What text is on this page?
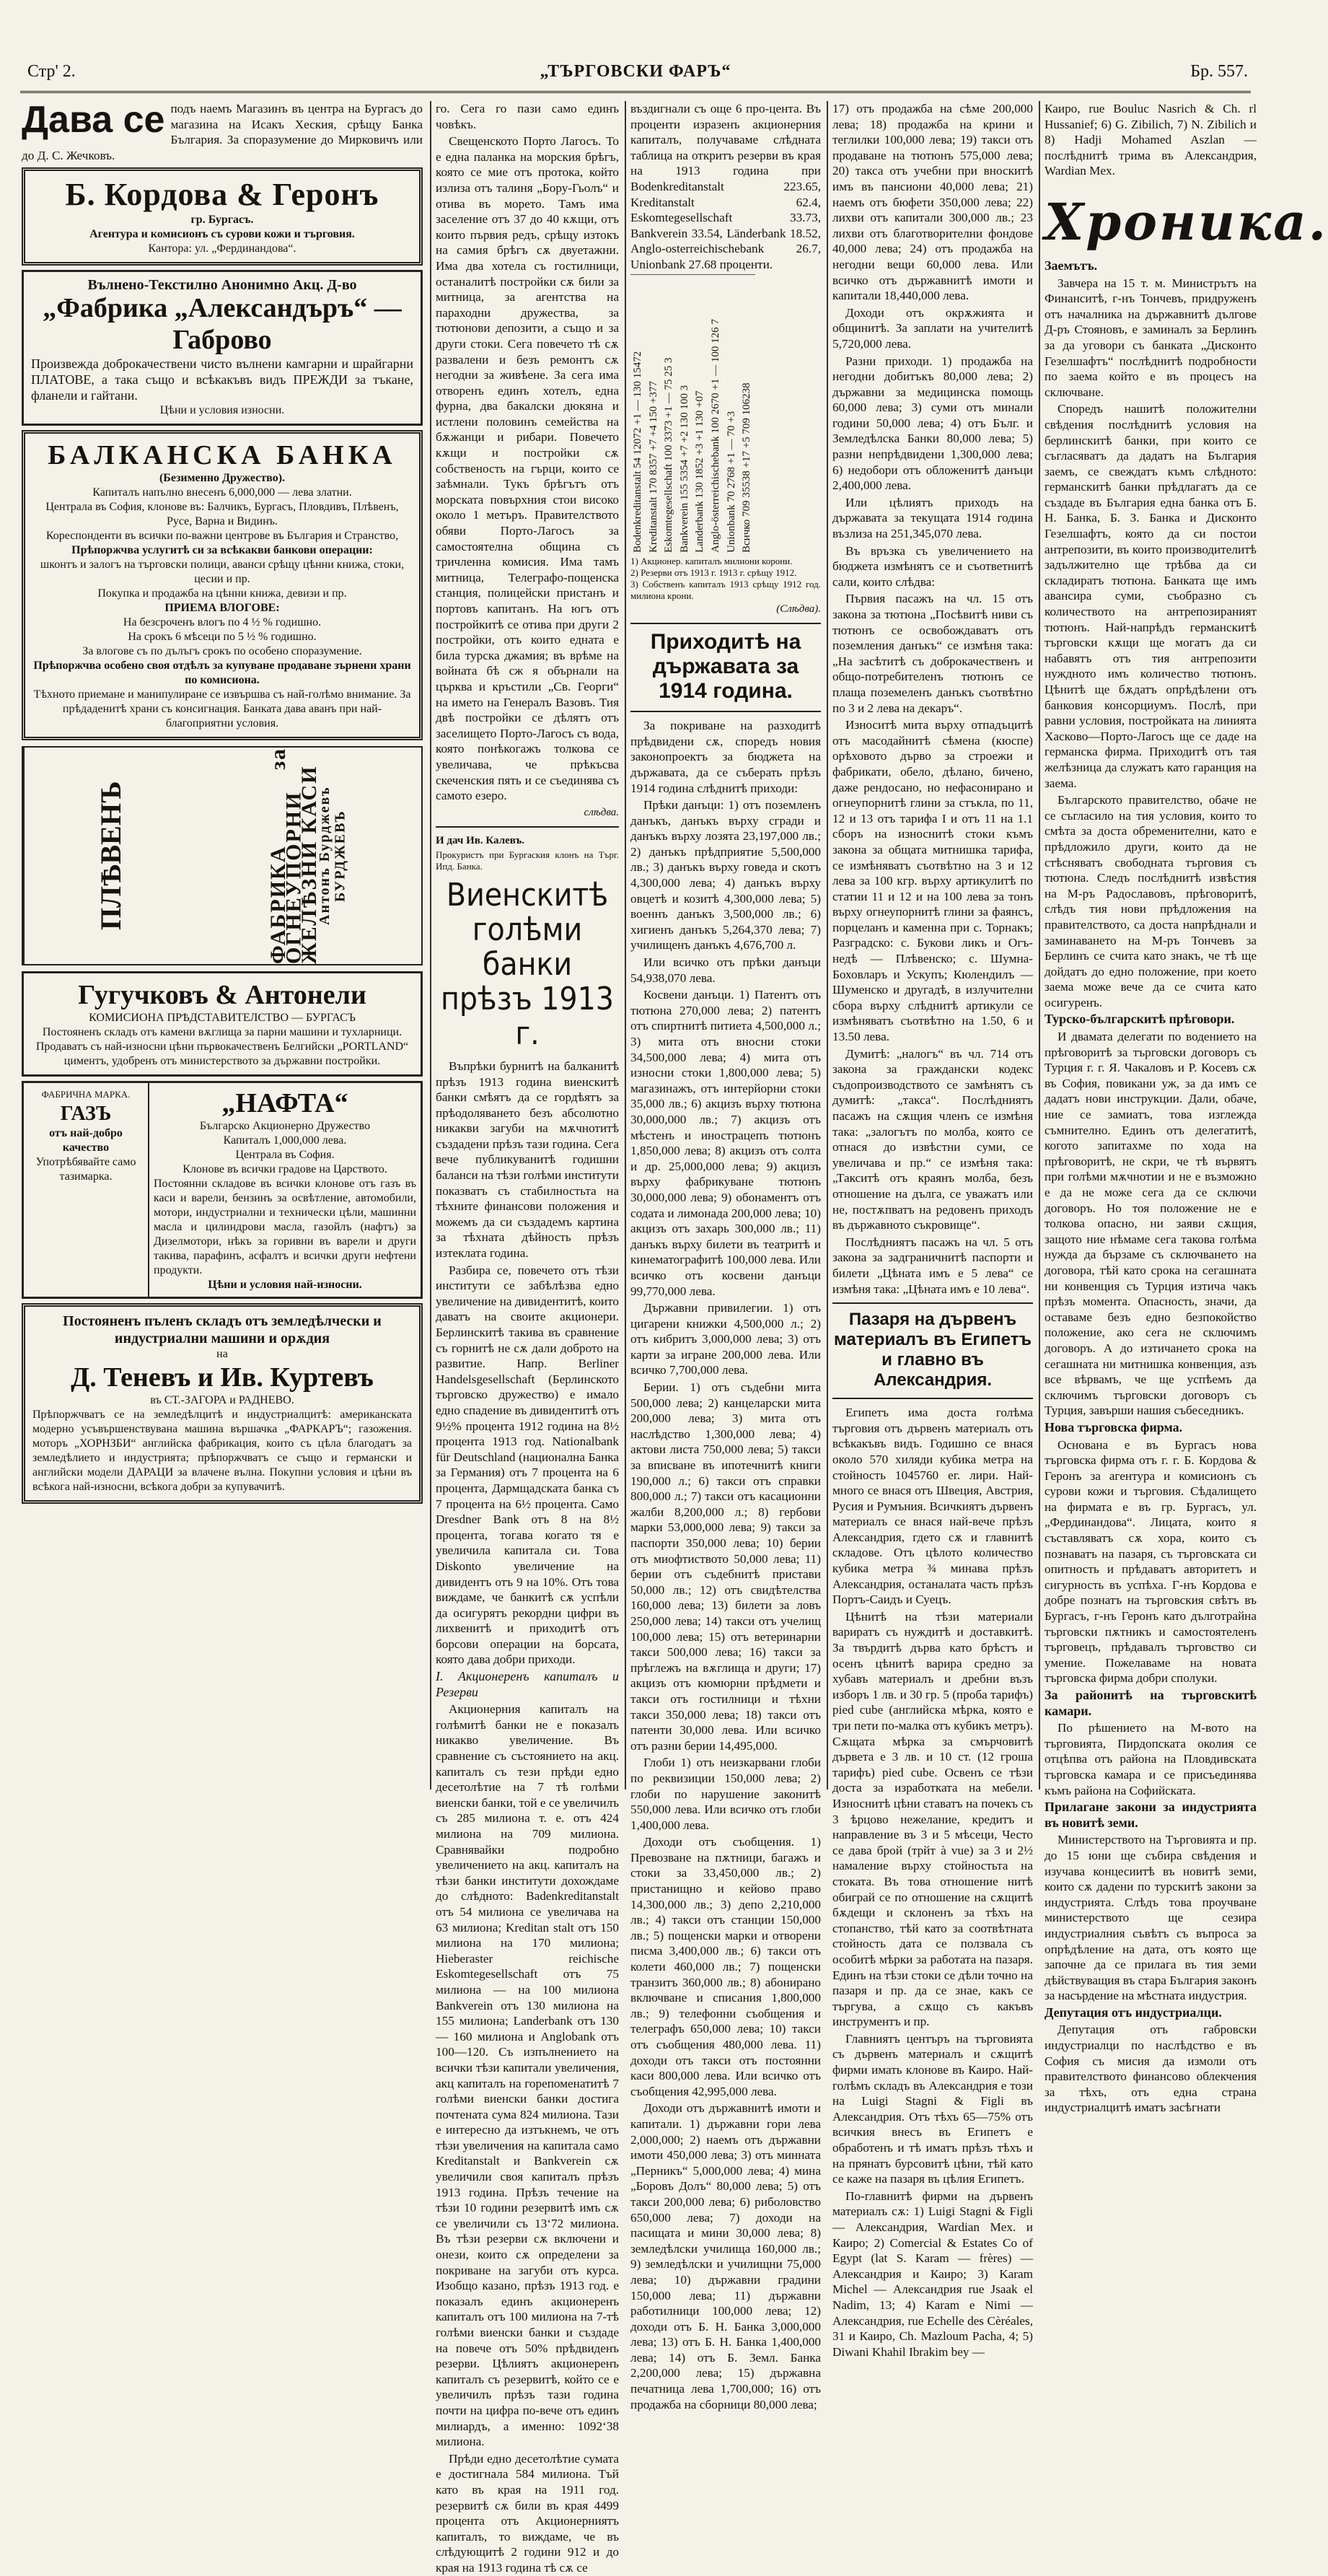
Стр' 2.	„ТЪРГОВСКИ ФАРЪ“	Бр. 557.
Дава се подъ наемъ Магазинъ въ центра на Бургасъ до магазина на Исакъ Хеския, срѣщу Банка България. За споразумение до Мирковичъ или до Д. С. Жечковъ.
Б. Кордова & Геронъ
гр. Бургасъ.
Агентура и комисионъ съ сурови кожи и търговия.
Кантора: ул. „Фердинандова“.
Вълнено-Текстилно Анонимно Акц. Д-во
„Фабрика „Александъръ“ — Габрово
Произвежда доброкачествени чисто вълнени камгарни и шрайгарни ПЛАТОВЕ, а така също и всѣкакъвъ видъ ПРЕЖДИ за тъкане, фланели и гайтани.
Цѣни и условия износни.
БАЛКАНСКА БАНКА
(Безименно Дружество).
Капиталъ напълно внесенъ 6,000,000 — лева златни.
Централа въ София, клонове въ: Балчикъ, Бургасъ, Пловдивъ, Плѣвенъ, Русе, Варна и Видинъ.
Кореспонденти въ всички по-важни центрове въ България и Странство,
Прѣпоржчва услугитѣ си за всѣкакви банкови операции:
шконтъ и залогъ на търговски полици, аванси срѣщу цѣнни книжа, стоки, цесии и пр.
Покупка и продажба на цѣнни книжа, девизи и пр.
ПРИЕМА ВЛОГОВЕ:
На безсроченъ влогъ по 4 ½ % годишно.
На срокъ 6 мѣсеци по 5 ½ % годишно.
За влогове съ по дълъгъ срокъ по особено споразумение.
Прѣпоржчва особено своя отдѣлъ за купуване продаване зърнени храни по комисиона.
Тѣхното приемане и манипулиране се извършва съ най-голѣмо внимание. За прѣдаденитѣ храни съ консигнация. Банката дава аванъ при най-благоприятни условия.
ПЛѢВЕНЪ	ФАБРИКА за ОГНЕУПОРНИ ЖЕЛѢЗНИ КАСИ
Антонъ Бурджевъ БУРДЖЕВЪ
Гугучковъ & Антонели
КОМИСИОНА ПРѢДСТАВИТЕЛСТВО — БУРГАСЪ
Постояненъ складъ отъ камени вѫглища за парни машини и тухларници.
Продаватъ съ най-износни цѣни първокачественъ Белгийски „PORTLAND“ циментъ, удобренъ отъ министерството за държавни постройки.
ФАБРИЧНА МАРКА.
ГАЗЪ
отъ най-добро качество
Употрѣбявайте само тазимарка.
„НАФТА“
Българско Акционерно Дружество
Капиталъ 1,000,000 лева.
Централа въ София.
Клонове въ всички градове на Царството.
Постоянни складове въ всички клонове отъ газъ въ каси и варели, бензинъ за освѣтление, автомобили, мотори, индустриални и технически цѣли, машинни масла и цилиндрови масла, газойлъ (нафтъ) за Дизелмотори, нѣкъ за горивни въ варели и други такива, парафинъ, асфалтъ и всички други нефтени продукти.
Цѣни и условия най-износни.
Постояненъ пъленъ складъ отъ земледѣлчески и индустриални машини и орѫдия
на
Д. Теневъ и Ив. Куртевъ
въ СТ.-ЗАГОРА и РАДНЕВО.
Прѣпоржчватъ се на земледѣлцитѣ и индустриалцитѣ: американската модерно усъвършенствувана машина вършачка „ФАРКАРЪ“; газожения. моторъ „ХОРНЗБИ“ английска фабрикация, които съ цѣла благодатъ за земледѣлието и индустрията; прѣпоржчватъ се също и германски и английски модели ДАРАЦИ за влачене вълна. Покупни условия и цѣни въ всѣкога най-износни, всѣкога добри за купувачитѣ.

го. Сега го пази само единъ човѣкъ.

Свещенското Порто Лагосъ. То е една паланка на морския брѣгъ, която се мие отъ протока, който излиза отъ талиня „Бору-Гьолъ“ и отива въ морето. Тамъ има заселение отъ 37 до 40 кѫщи, отъ които първия редъ, срѣщу изтокъ на самия брѣгъ сѫ двуетажни. Има два хотела съ гостилници, останалитѣ постройки сѫ били за митница, за агентства на параходни дружества, за тютюнови депозити, а също и за други стоки. Сега повечето тѣ сѫ развалени и безъ ремонтъ сѫ негодни за живѣене. За сега има отворенъ единъ хотелъ, една фурна, два бакалски дюкяна и истлени половинъ семейства на бѫжанци и рибари. Повечето кѫщи и постройки сѫ собственость на гърци, които се заѣмнали. Тукъ брѣгътъ отъ морската повърхния стои високо около 1 метъръ. Правителството обяви Порто-Лагосъ за самостоятелна община съ тричленна комисия. Има тамъ митница, Телеграфо-пощенска станция, полицейски пристанъ и портовъ капитанъ. На югъ отъ постройкитѣ се отива при други 2 постройки, отъ които едната е била турска джамия; въ врѣме на войната бѣ сж я обърнали на църква и кръстили „Св. Георги“ на името на Генералъ Вазовъ. Тия двѣ постройки се дѣлятъ отъ заселището Порто-Лагосъ съ вода, която понѣкогажъ толкова се увеличава, че прѣкъсва скеченския пять и се съединява съ самото езеро.

слѣдва.
И дач Ив. Калевъ.
Прокуристъ при Бургаския клонъ на Търг. Ипд. Банка.
Виенскитѣ голѣми банки прѣзъ 1913 г.

Въпрѣки бурнитѣ на балканитѣ прѣзъ 1913 година виенскитѣ банки смѣятъ да се гордѣятъ за прѣодоляването безъ абсолютно никакви загуби на мѫчнотитѣ създадени прѣзъ тази година. Сега вече публикуванитѣ годишни баланси на тѣзи голѣми институти показватъ съ стабилностьта на тѣхните финансови положения и можемъ да си създадемъ картина за тѣхната дѣйность прѣзъ изтеклата година.

Разбира се, повечето отъ тѣзи институти се забѣлѣзва едно увеличение на дивидентитѣ, които даватъ на своите акционери. Берлинскитѣ такива въ сравнение съ горнитѣ не сѫ дали доброто на развитие. Напр. Berliner Handelsgesellschaft (Берлинското търговско дружество) е имало едно спадение въ дивидентитѣ отъ 9½% процента 1912 година на 8½ процента 1913 год. Nationalbank für Deutschland (национална Банка за Германия) отъ 7 процента на 6 процента, Дармщадската банка съ 7 процента на 6½ процента. Само Dresdner Bank отъ 8 на 8½ процента, тогава когато тя е увеличила капитала си. Tова Diskonto увеличение на дивидентъ отъ 9 на 10%. Отъ това виждаме, че банкитѣ сѫ успѣли да осигурятъ рекордни цифри въ лихвенитѣ и приходитѣ отъ борсови операции на борсата, която дава добри приходи.

I. Акционеренъ капиталъ и Резерви

Акционерния капиталъ на голѣмитѣ банки не е показалъ никакво увеличение. Въ сравнение съ състоянието на акц. капиталъ съ тези прѣди едно десетолѣтие на 7 тѣ голѣми виенски банки, той е се увеличилъ съ 285 милиона т. е. отъ 424 милиона на 709 милиона. Сравнявайки подробно увеличението на акц. капиталъ на тѣзи банки институти дохождаме до слѣдното: Badenkreditanstalt отъ 54 милиона се увеличава на 63 милиона; Kreditan stalt отъ 150 милиона на 170 милиона; Hieberaster reichische Eskomtegesellschaft отъ 75 милиона — на 100 милиона Bankverein отъ 130 милиона на 155 милиона; Landerbank отъ 130 — 160 милиона и Anglobank отъ 100—120. Съ изпълнението на всички тѣзи капитали увеличения, акц капиталъ на горепоменатитѣ 7 голѣми виенски банки достига почтената сума 824 милиона. Тази е интересно да изтъкнемъ, че отъ тѣзи увеличения на капитала само Kreditanstalt и Bankverein сѫ увеличили своя капиталъ прѣзъ 1913 година. Прѣзъ течение на тѣзи 10 години резервитѣ имъ сѫ се увеличили съ 13‘72 милиона. Въ тѣзи резерви сѫ включени и онези, които сѫ определени за покриване на загуби отъ курса. Изобщо казано, прѣзъ 1913 год. е показалъ единъ акционеренъ капиталъ отъ 100 милиона на 7-тѣ голѣми виенски банки и създаде на повече отъ 50% прѣдвиденъ резерви. Цѣлиятъ акционеренъ капиталъ съ резервитѣ, който се е увеличилъ прѣзъ тази година почти на цифра по-вече отъ единъ милиардъ, а именно: 1092‘38 милиона.

Прѣди едно десетолѣтие сумата е достигнала 584 милиона. Тъй като въ края на 1911 год. резервитѣ сѫ били въ края 4499 процента отъ Акционерниятъ капиталъ, то виждаме, че въ слѣдующитѣ 2 години 912 и до края на 1913 година тѣ сѫ се

въздигнали съ още 6 про-цента. Въ проценти изразенъ акционерния капиталъ, получаваме слѣдната таблица на откритъ резерви въ края на 1913 година при Bodenkreditanstalt 223.65, Kreditanstalt 62.4, Eskomtegesellschaft 33.73, Bankverein 33.54, Länderbank 18.52, Anglo-osterreichischebank 26.7, Unionbank 27.68 проценти.

Bodenkreditanstalt 54 12072 +1 — 130 15472
Kreditanstalt 170 8357 +7 +4 150 +377
Eskomtegesellschaft 100 3373 +1 — 75 25 3
Bankverein 155 5354 +7 +2 130 100 3
Landerbank 130 1852 +3 +1 130 +07
Anglo-österreichischebank 100 2670 +1 — 100 126 7
Unionbank 70 2768 +1 — 70 +3
Всичко 709 35538 +17 +5 709 106238
1) Акционер. капиталъ милиони корони.
2) Резерви отъ 1913 г. 1913 г. срѣщу 1912.
3) Собственъ капиталъ 1913 срѣщу 1912 год. милиона крони.
(Слѣдва).
Приходитѣ на държавата за 1914 година.

За покриване на разходитѣ прѣдвидени сѫ, споредъ новия законопроектъ за бюджета на държавата, да се съберать прѣзъ 1914 година слѣднитѣ приходи:

Прѣки данъци: 1) отъ поземленъ данъкъ, данъкъ върху сгради и данъкъ върху лозята 23,197,000 лв.; 2) данъкъ прѣдприятие 5,500,000 лв.; 3) данъкъ върху говеда и скотъ 4,300,000 лева; 4) данъкъ върху овцетѣ и козитѣ 4,300,000 лева; 5) военнъ данъкъ 3,500,000 лв.; 6) хигиенъ данъкъ 5,264,370 лева; 7) училищенъ данъкъ 4,676,700 л.

Или всичко отъ прѣки данъци 54,938,070 лева.

Косвени данъци. 1) Патентъ отъ тютюна 270,000 лева; 2) патентъ отъ спиртнитѣ питиета 4,500,000 л.; 3) мита отъ вносни стоки 34,500,000 лева; 4) мита отъ износни стоки 1,800,000 лева; 5) магазинажъ, отъ интерйорни стоки 35,000 лв.; 6) акцизъ върху тютюна 30,000,000 лв.; 7) акцизъ отъ мѣстенъ и инострацепъ тютюнъ 1,850,000 лева; 8) акцизъ отъ солта и др. 25,000,000 лева; 9) акцизъ върху фабрикуване тютюнъ 30,000,000 лева; 9) обонаментъ отъ содата и лимонада 200,000 лева; 10) акцизъ отъ захарь 300,000 лв.; 11) данъкъ върху билети въ театритѣ и кинематографитѣ 100,000 лева. Или всичко отъ косвени данъци 99,770,000 лева.

Държавни привилегии. 1) отъ цигарени книжки 4,500,000 л.; 2) отъ кибритъ 3,000,000 лева; 3) отъ карти за игране 200,000 лева. Или всичко 7,700,000 лева.

Берии. 1) отъ съдебни мита 500,000 лева; 2) канцеларски мита 200,000 лева; 3) мита отъ наслѣдство 1,300,000 лева; 4) актови листа 750,000 лева; 5) такси за вписване въ ипотечнитѣ книги 190,000 л.; 6) такси отъ справки 800,000 л.; 7) такси отъ касационни жалби 8,200,000 л.; 8) гербови марки 53,000,000 лева; 9) такси за паспорти 350,000 лева; 10) берии отъ миофтиството 50,000 лева; 11) берии отъ съдебнитѣ пристави 50,000 лв.; 12) отъ свидѣтелства 160,000 лева; 13) билети за ловъ 250,000 лева; 14) такси отъ учелищ 100,000 лева; 15) отъ ветеринарни такси 500,000 лева; 16) такси за прѣглежъ на вѫглища и други; 17) акцизъ отъ кюмюрни прѣдмети и такси отъ гостилници и тѣхни такси 350,000 лева; 18) такси отъ патенти 30,000 лева. Или всичко отъ разни берии 14,495,000.

Глоби 1) отъ неизкарвани глоби по реквизиции 150,000 лева; 2) глоби по нарушение законитѣ 550,000 лева. Или всичко отъ глоби 1,400,000 лева.

Доходи отъ съобщения. 1) Превозване на пѫтници, багажъ и стоки за 33,450,000 лв.; 2) пристанищно и кейово право 14,300,000 лв.; 3) депо 2,210,000 лв.; 4) такси отъ станции 150,000 лв.; 5) пощенски марки и отворени писма 3,400,000 лв.; 6) такси отъ колети 460,000 лв.; 7) пощенски транзитъ 360,000 лв.; 8) абонирано включване и списания 1,800,000 лв.; 9) телефонни съобщения и телеграфъ 650,000 лева; 10) такси отъ съобщения 480,000 лева. 11) доходи отъ такси отъ постоянни каси 800,000 лева. Или всичко отъ съобщения 42,995,000 лева.

Доходи отъ държавнитѣ имоти и капитали. 1) държавни гори лева 2,000,000; 2) наемъ отъ държавни имоти 450,000 лева; 3) отъ минната „Перникъ“ 5,000,000 лева; 4) мина „Боровъ Долъ“ 80,000 лева; 5) отъ такси 200,000 лева; 6) риболовство 650,000 лева; 7) доходи на пасищата и мини 30,000 лева; 8) земледѣлски училища 160,000 лв.; 9) земледѣлски и училищни 75,000 лева; 10) държавни градини 150,000 лева; 11) държавни работилници 100,000 лева; 12) доходи отъ Б. Н. Банка 3,000,000 лева; 13) отъ Б. Н. Банка 1,400,000 лева; 14) отъ Б. Земл. Банка 2,200,000 лева; 15) държавна печатница лева 1,700,000; 16) отъ продажба на сборници 80,000 лева;

17) отъ продажба на сѣме 200,000 лева; 18) продажба на крини и теглилки 100,000 лева; 19) такси отъ продаване на тютюнъ 575,000 лева; 20) такса отъ учебни при вноскитѣ имъ въ пансиони 40,000 лева; 21) наемъ отъ бюфети 350,000 лева; 22) лихви отъ капитали 300,000 лв.; 23 лихви отъ благотворителни фондове 40,000 лева; 24) отъ продажба на негодни вещи 60,000 лева. Или всичко отъ държавнитѣ имоти и капитали 18,440,000 лева.

Доходи отъ окрѫжията и общинитѣ. За заплати на учителитѣ 5,720,000 лева.

Разни приходи. 1) продажба на негодни добитъкъ 80,000 лева; 2) държавни за медицинска помощь 60,000 лева; 3) суми отъ минали години 50,000 лева; 4) отъ Бълг. и Земледѣлска Банки 80,000 лева; 5) разни непрѣдвидени 1,300,000 лева; 6) недобори отъ обложенитѣ данъци 2,400,000 лева.

Или цѣлиятъ приходъ на държавата за текущата 1914 година възлиза на 251,345,070 лева.

Въ връзка съ увеличението на бюджета измѣнятъ се и съответнитѣ сали, които слѣдва:

Първия пасажъ на чл. 15 отъ закона за тютюна „Посѣвитѣ ниви съ тютюнъ се освобождаватъ отъ поземления данъкъ“ се измѣня така: „На засѣтитѣ съ доброкачественъ и общо-потребителенъ тютюнъ се плаща поземеленъ данъкъ съотвѣтно по 3 и 2 лева на декаръ“.

Износитѣ мита върху отпадъцитѣ отъ масодайнитѣ сѣмена (кюспе) орѣховото дърво за строежи и фабрикати, обело, дѣлано, бичено, даже рендосано, но нефасонирано и огнеупорнитѣ глини за стъкла, по 11, 12 и 13 отъ тарифа I и отъ 11 на 1.1 сборъ на износнитѣ стоки къмъ закона за общата митнишка тарифа, се измѣняватъ съотвѣтно на 3 и 12 лева за 100 кгр. върху артикулитѣ по статии 11 и 12 и на 100 лева за тонъ върху огнеупорнитѣ глини за фаянсъ, порцеланъ и каменна при с. Торнакъ; Разградско: с. Букови ликъ и Огъ-недѣ — Плѣвенско; с. Шумна-Боховларъ и Ускупъ; Кюлендилъ — Шуменско и другадѣ, в излучителни сбора върху слѣднитѣ артикули се измѣняватъ съотвѣтно на 1.50, 6 и 13.50 лева.

Думитѣ: „налогъ“ въ чл. 714 отъ закона за граждански кодекс съдопроизводството се замѣнятъ съ думитѣ: „такса“. Послѣдниятъ пасажъ на сѫщия членъ се измѣня така: „залогътъ по молба, която се отнася до извѣстни суми, се увеличава и пр.“ се измѣня така: „Такситѣ отъ краянъ молба, безъ отношение на дълга, се уважатъ или не, постѫпватъ на редовенъ приходъ въ държавното съкровище“.

Послѣдниятъ пасажъ на чл. 5 отъ закона за задграничнитѣ паспорти и билети „Цѣната имъ е 5 лева“ се измѣня така: „Цѣната имъ е 10 лева“.

Пазаря на дървенъ материалъ въ Египетъ и главно въ Александрия.

Египетъ има доста голѣма търговия отъ дървенъ материалъ отъ всѣкакъвъ видъ. Годишно се внася около 570 хиляди кубика метра на стойность 1045760 ег. лири. Най-много се внася отъ Швеция, Австрия, Русия и Румъния. Всичкиятъ дървенъ материалъ се внася най-вече прѣзъ Александрия, гдето сѫ и главнитѣ складове. Отъ цѣлото количество кубика метра ¾ минава прѣзъ Александрия, останалата часть прѣзъ Портъ-Саидъ и Суецъ.

Цѣнитѣ на тѣзи материали вариратъ съ нуждитѣ и доставкитѣ. За твърдитѣ дърва като брѣстъ и осенъ цѣнитѣ варира средно за хубавъ материалъ и дребни възъ изборъ 1 лв. и 30 гр. 5 (проба тарифъ) pied cube (английска мѣрка, която е три пети по-малка отъ кубикъ метръ). Сѫщата мѣрка за смърчовитѣ дървета е 3 лв. и 10 ст. (12 гроша тарифъ) pied cube. Освенъ се тѣзи доста за изработката на мебели. Износнитѣ цѣни ставатъ на почекъ съ 3 ѣрцово нежелание, кредитъ и направление въ 3 и 5 мѣсеци, Често се дава брой (трйт à vue) за 3 и 2½ намаление върху стойностьта на стоката. Въ това отношение нитѣ обиграй се по отношение на сѫщитѣ бѫдещи и склоненъ за тѣхъ на стопанство, тѣй като за соотвѣтната стойность дата се ползвала съ особитѣ мѣрки за работата на пазаря. Единъ на тѣзи стоки се дѣли точно на пазаря и пр. да се знае, какъ се търгува, а сѫщо съ какъвъ инструментъ и пр.

Главниятъ центъръ на търговията съ дървенъ материалъ и сѫщитѣ фирми имать клонове въ Каиро. Най-голѣмъ складъ въ Александрия е този на Luigi Stagni & Figli въ Александрия. Отъ тѣхъ 65—75% отъ всичкия внесъ въ Египетъ е обработенъ и тѣ иматъ прѣзъ тѣхъ и на прянатъ бурсовитѣ цѣни, тѣй като се каже на пазаря въ цѣлия Египетъ.

По-главнитѣ фирми на дървенъ материалъ сѫ: 1) Luigi Stagni & Figli — Александрия, Wardian Mex. и Каиро; 2) Comercial & Estates Co of Egypt (lat S. Karam — frères) — Александрия и Каиро; 3) Karam Michel — Александрия rue Jsaak el Nadim, 13; 4) Karam e Nimi — Александрия, rue Echelle des Cèréales, 31 и Каиро, Ch. Mazloum Pacha, 4; 5) Diwani Khahil Ibrakim bey —

Каиро, rue Bouluc Nasrich & Ch. rl Hussanief; 6) G. Zibilich, 7) N. Zibilich и 8) Hadji Mohamed Aszlan — послѣднитѣ трима въ Александрия, Wardian Mex.

Хроника.

Заемътъ.

Завчера на 15 т. м. Министрътъ на Финанситѣ, г-нъ Тончевъ, придруженъ отъ началника на държавнитѣ дългове Д-ръ Стояновъ, е заминалъ за Берлинъ за да уговори съ банката „Дисконто Гезелшафтъ“ послѣднитѣ подробности по заема който е въ процесъ на сключване.

Споредъ нашитѣ положителни свѣдения послѣднитѣ условия на берлинскитѣ банки, при които се съгласяватъ да дадатъ на България заемъ, се свеждатъ къмъ слѣдното: германскитѣ банки прѣдлагатъ да се създаде въ България една банка отъ Б. Н. Банка, Б. З. Банка и Дисконто Гезелшафтъ, която да си постои антрепозити, въ които производителитѣ задължително ще трѣбва да си складиратъ тютюна. Банката ще имъ авансира суми, съобразно съ количеството на антрепозираният тютюнъ. Най-напрѣдъ германскитѣ търговски кѫщи ще могатъ да си набавятъ отъ тия антрепозити нуждното имъ количество тютюнъ. Цѣнитѣ ще бѫдатъ опрѣдѣлени отъ банковия консорциумъ. Послѣ, при равни условия, постройката на линията Хасково—Порто-Лагосъ ще се даде на германска фирма. Приходитѣ отъ тая желѣзница да служатъ като гаранция на заема.

Българското правителство, обаче не се съгласило на тия условия, които то смѣта за доста обременителни, като е прѣдложило други, които да не стѣсняватъ свободната търговия съ тютюна. Следъ послѣднитѣ извѣстия на М-ръ Радославовъ, прѣговоритѣ, слѣдъ тия нови прѣдложения на правителството, са доста напрѣднали и заминаването на М-ръ Тончевъ за Берлинъ се счита като знакъ, че тѣ ще дойдатъ до едно положение, при което заема може вече да се счита като осигуренъ.

Турско-българскитѣ прѣговори.

И двамата делегати по водението на прѣговоритѣ за търговски договоръ съ Турция г. г. Я. Чакаловъ и Р. Косевъ сѫ въ София, повикани уж, за да имъ се дадатъ нови инструкции. Дали, обаче, ние се замиатъ, това изглежда съмнително. Единъ отъ делегатитѣ, когото запитахме по хода на прѣговоритѣ, не скри, че тѣ вървятъ при голѣми мѫчнотии и не е възможно е да не може сега да се сключи договоръ. Но тоя положение не е толкова опасно, ни заяви сѫщия, защото ние нѣмаме сега такова голѣма нужда да бързаме съ сключването на договора, тѣй като срока на сегашната ни конвенция съ Турция изтича чакъ прѣзъ момента. Опасность, значи, да оставаме безъ едно безпокойство положение, ако сега не сключимъ договоръ. А до изтичането срока на сегашната ни митнишка конвенция, азъ все вѣрвамъ, че ще успѣемъ да сключимъ търговски договоръ съ Турция, завърши нашия събеседникъ.

Нова търговска фирма.

Основана е въ Бургасъ нова търговска фирма отъ г. г. Б. Кордова & Геронъ за агентура и комисионъ съ сурови кожи и търговия. Сѣдалището на фирмата е въ гр. Бургасъ, ул. „Фердинандова“. Лицата, които я съставляватъ сѫ хора, които съ познаватъ на пазаря, съ търговската си опитность и прѣдаватъ авторитетъ и сигурность въ успѣха. Г-нъ Кордова е добре познатъ на търговския свѣтъ въ Бургасъ, г-нъ Геронъ като дълготрайна търговски пѫтникъ и самостоятеленъ търговецъ, прѣдавалъ търговство си умение. Пожелаваме на новата търговска фирма добри сполуки.

За районитѣ на търговскитѣ камари.

По рѣшението на М-вото на търговията, Пирдопската околия се отцѣпва отъ района на Пловдивската търговска камара и се присъединява къмъ района на Софийската.

Прилагане закони за индустрията въ новитѣ земи.

Министерството на Търговията и пр. до 15 юни ще събира свѣдения и изучава концесиитѣ въ новитѣ земи, които сѫ дадени по турскитѣ закони за индустрията. Слѣдъ това проучване министерството ще сезира индустриалния съвѣтъ съ въпроса за опрѣдѣление на дата, отъ която ще започне да се прилага въ тия земи дѣйствуващия въ стара България законъ за насърдение на мѣстната индустрия.

Депутация отъ индустриалци.

Депутация отъ габровски индустриалци по наслѣдство е въ София съ мисия да измоли отъ правителството финансово облекчения за тѣхъ, отъ една страна индустриалцитѣ иматъ засѣгнати
